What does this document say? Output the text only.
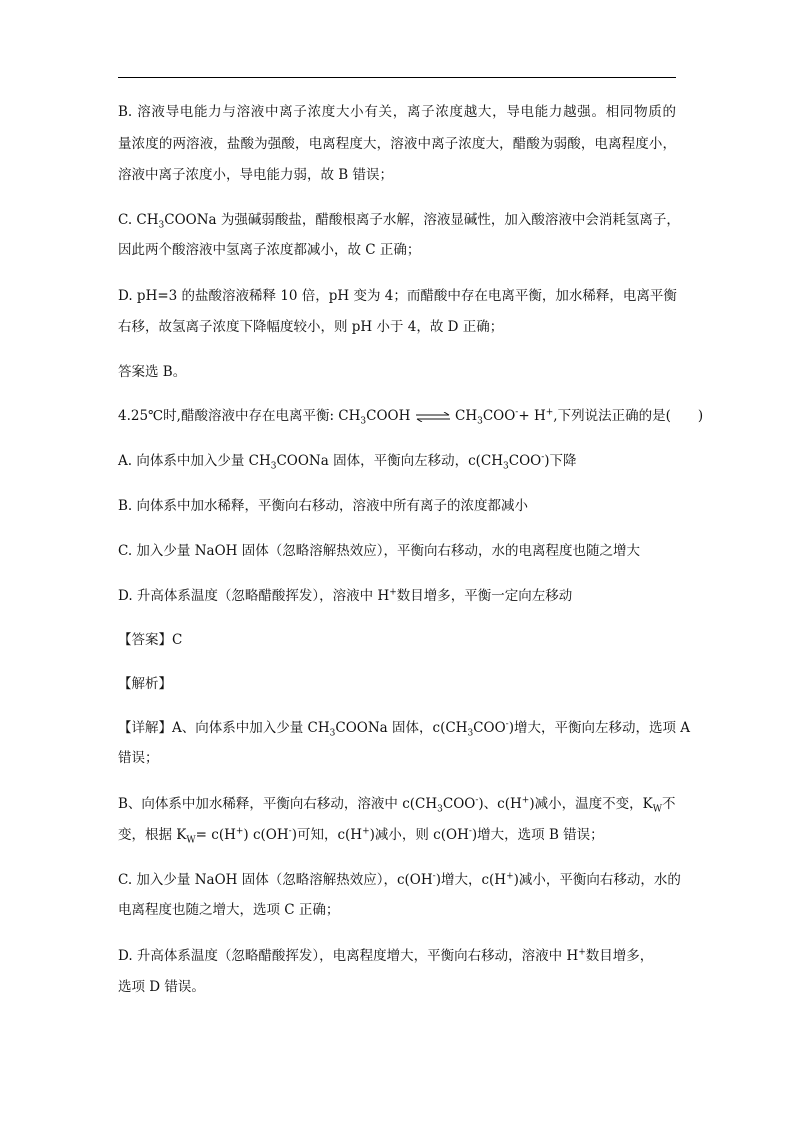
B. 溶液导电能力与溶液中离子浓度大小有关，离子浓度越大，导电能力越强。相同物质的
量浓度的两溶液，盐酸为强酸，电离程度大，溶液中离子浓度大，醋酸为弱酸，电离程度小，
溶液中离子浓度小，导电能力弱，故 B 错误；
C. $CH_3COONa$ 为强碱弱酸盐，醋酸根离子水解，溶液显碱性，加入酸溶液中会消耗氢离子，
因此两个酸溶液中氢离子浓度都减小，故 C 正确；
D. pH=3 的盐酸溶液稀释 10 倍，pH 变为 4；而醋酸中存在电离平衡，加水稀释，电离平衡
右移，故氢离子浓度下降幅度较小，则 pH 小于 4，故 D 正确；
答案选 B。
4.25℃时,醋酸溶液中存在电离平衡: $CH_3COOH$ ⇌ $CH_3COO^-+ H^+$,下列说法正确的是(　　)
A. 向体系中加入少量 $CH_3COONa$ 固体，平衡向左移动，$c(CH_3COO^-)$下降
B. 向体系中加水稀释，平衡向右移动，溶液中所有离子的浓度都减小
C. 加入少量 NaOH 固体（忽略溶解热效应），平衡向右移动，水的电离程度也随之增大
D. 升高体系温度（忽略醋酸挥发），溶液中 H+数目增多，平衡一定向左移动
【答案】C
【解析】
【详解】A、向体系中加入少量 $CH_3COONa$ 固体，$c(CH_3COO^-)$增大，平衡向左移动，选项 A
错误；
B、向体系中加水稀释，平衡向右移动，溶液中 $c(CH_3COO^-)$、c(H+)减小，温度不变，$K_W$不
变，根据 $K_W= c(H^+)$ c(OH-)可知，c(H+)减小，则 c(OH-)增大，选项 B 错误；
C. 加入少量 NaOH 固体（忽略溶解热效应），c(OH-)增大，c(H+)减小，平衡向右移动，水的
电离程度也随之增大，选项 C 正确；
D. 升高体系温度（忽略醋酸挥发），电离程度增大，平衡向右移动，溶液中 H+数目增多，
选项 D 错误。
